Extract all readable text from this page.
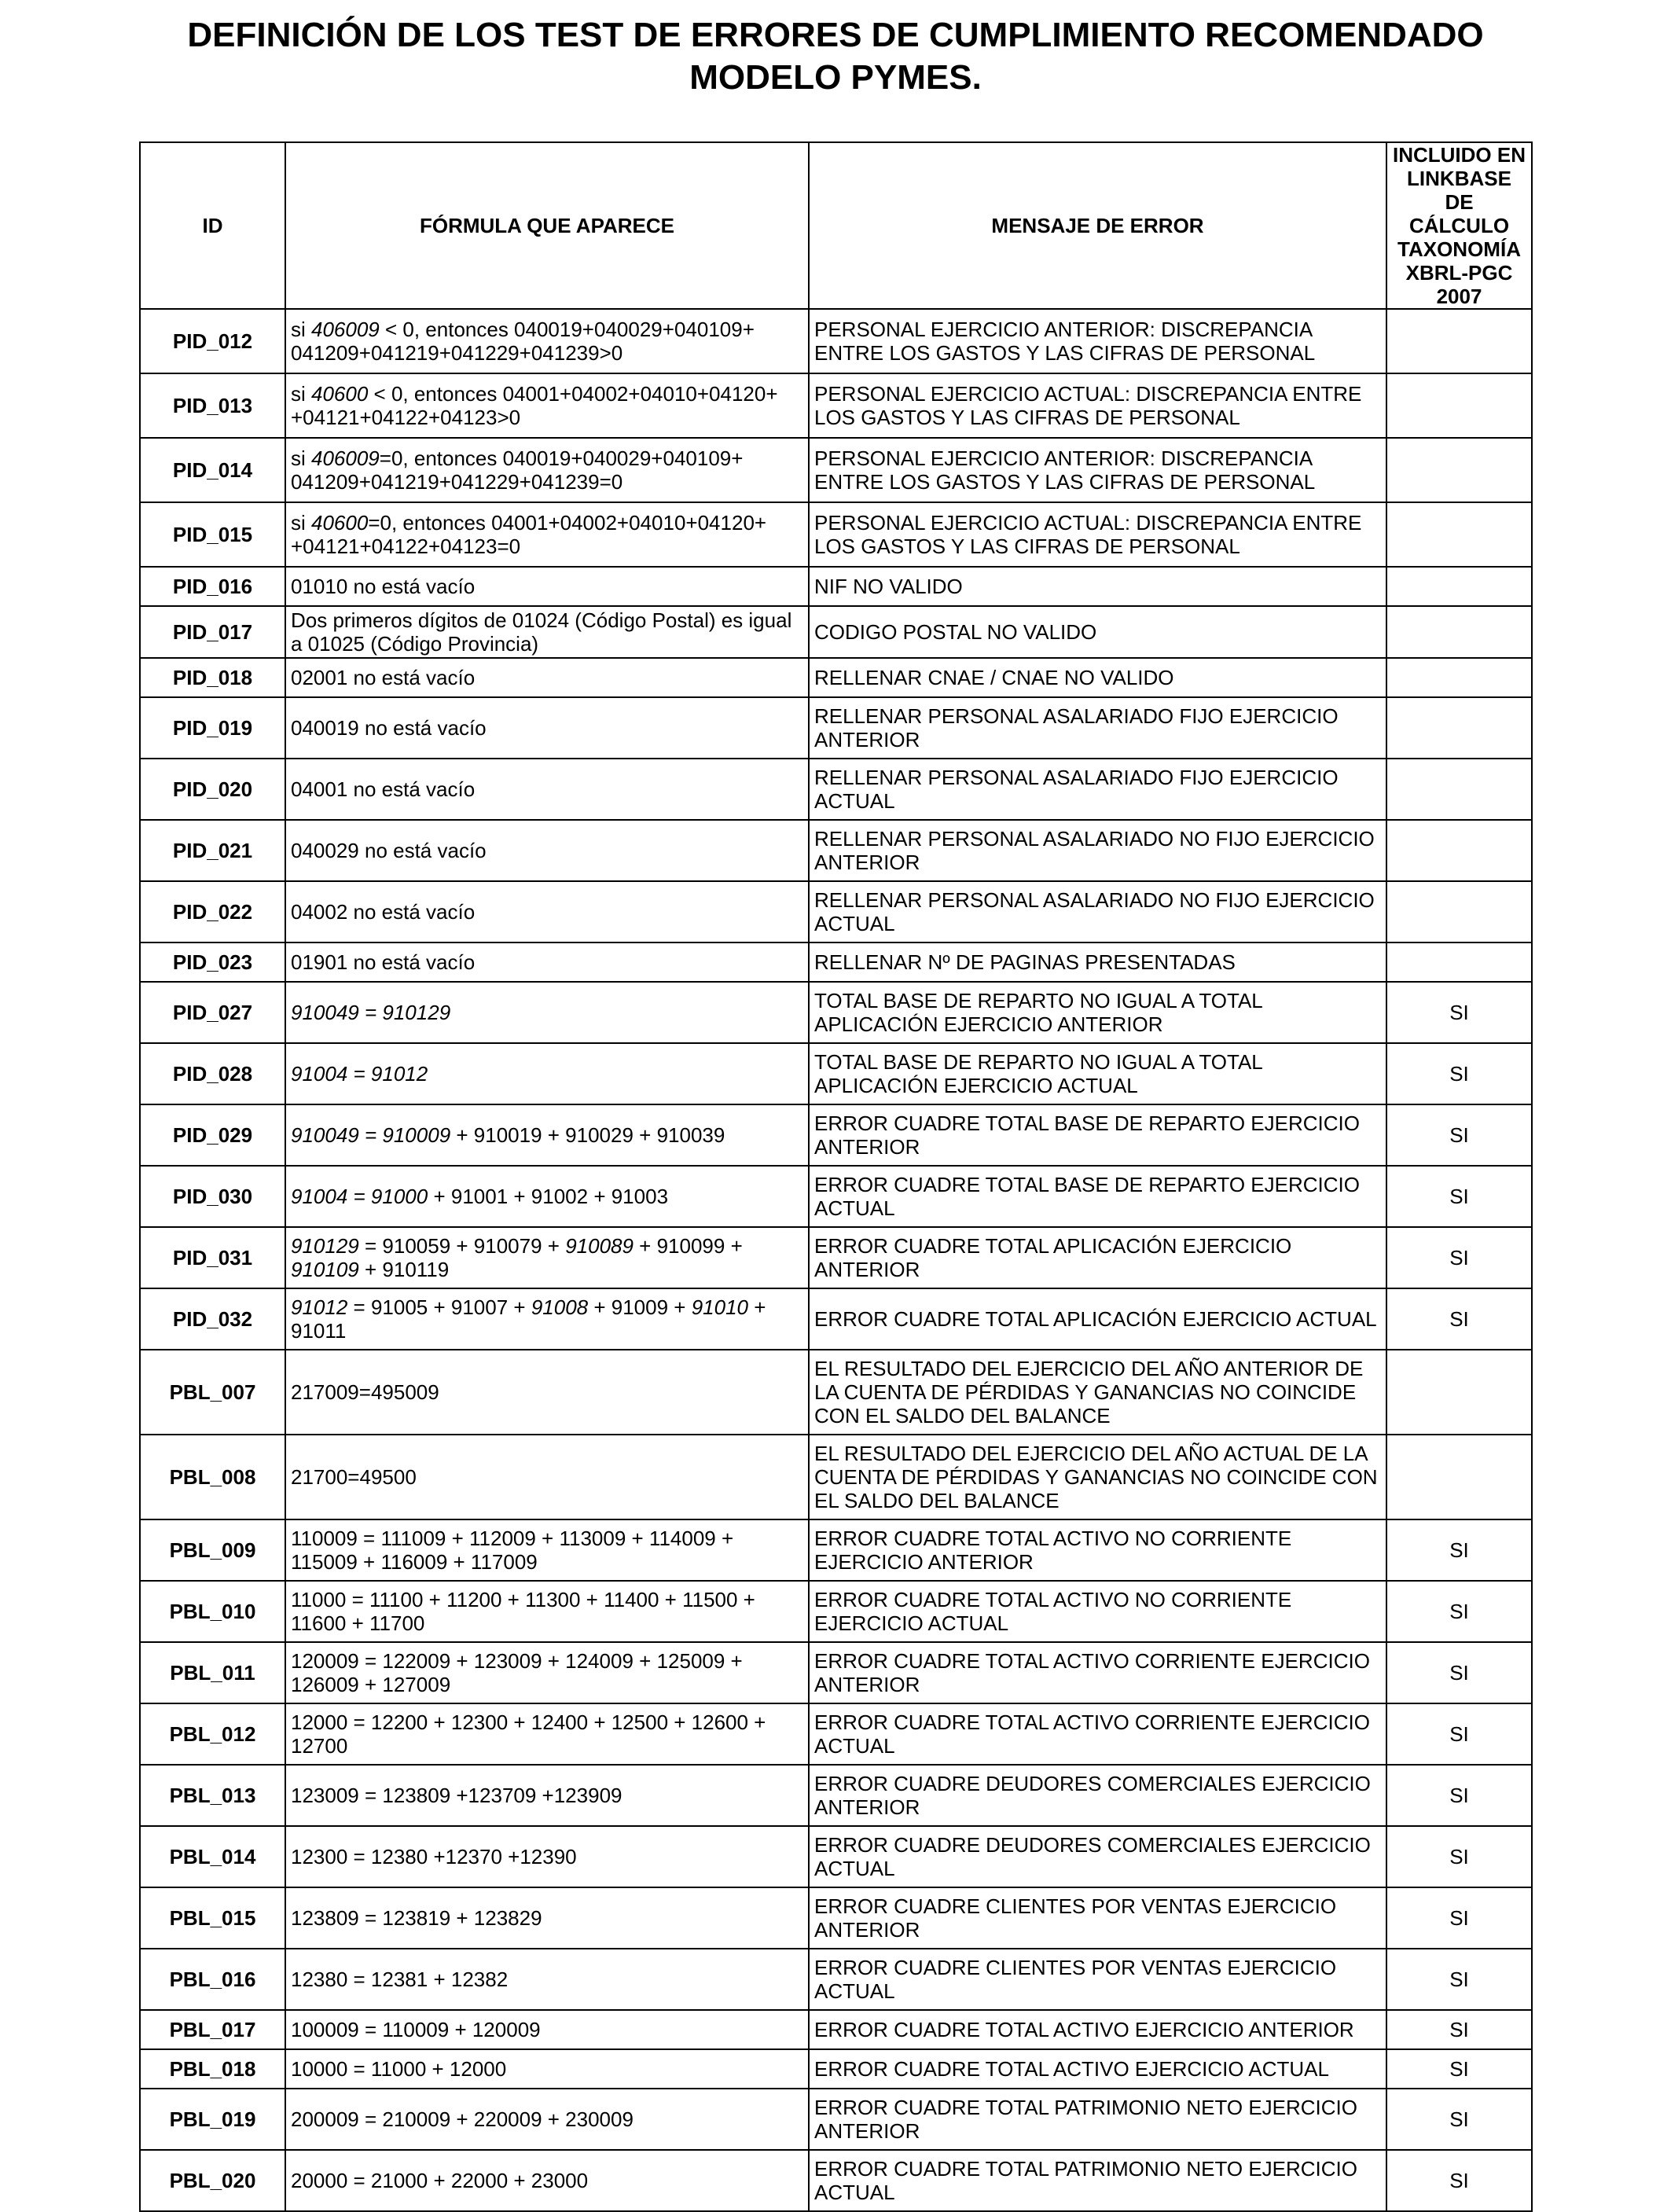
DEFINICIÓN DE LOS TEST DE ERRORES DE CUMPLIMIENTO RECOMENDADO
MODELO PYMES.
ID	FÓRMULA QUE APARECE	MENSAJE DE ERROR	INCLUIDO EN
LINKBASE DE
CÁLCULO
TAXONOMÍA
XBRL-PGC 2007

PID_012	si 406009 < 0, entonces 040019+040029+040109+ 041209+041219+041229+041239>0	PERSONAL EJERCICIO ANTERIOR: DISCREPANCIA ENTRE LOS GASTOS Y LAS CIFRAS DE PERSONAL	
PID_013	si 40600 < 0, entonces 04001+04002+04010+04120+ +04121+04122+04123>0	PERSONAL EJERCICIO ACTUAL: DISCREPANCIA ENTRE LOS GASTOS Y LAS CIFRAS DE PERSONAL	
PID_014	si 406009=0, entonces 040019+040029+040109+ 041209+041219+041229+041239=0	PERSONAL EJERCICIO ANTERIOR: DISCREPANCIA ENTRE LOS GASTOS Y LAS CIFRAS DE PERSONAL	
PID_015	si 40600=0, entonces 04001+04002+04010+04120+ +04121+04122+04123=0	PERSONAL EJERCICIO ACTUAL: DISCREPANCIA ENTRE LOS GASTOS Y LAS CIFRAS DE PERSONAL	
PID_016	01010 no está vacío	NIF NO VALIDO	
PID_017	Dos primeros dígitos de 01024 (Código Postal) es igual a 01025 (Código Provincia)	CODIGO POSTAL NO VALIDO	
PID_018	02001 no está vacío	RELLENAR CNAE / CNAE NO VALIDO	
PID_019	040019 no está vacío	RELLENAR PERSONAL ASALARIADO FIJO EJERCICIO ANTERIOR	
PID_020	04001 no está vacío	RELLENAR PERSONAL ASALARIADO FIJO EJERCICIO ACTUAL	
PID_021	040029 no está vacío	RELLENAR PERSONAL ASALARIADO NO FIJO EJERCICIO ANTERIOR	
PID_022	04002 no está vacío	RELLENAR PERSONAL ASALARIADO NO FIJO EJERCICIO ACTUAL	
PID_023	01901 no está vacío	RELLENAR Nº DE PAGINAS PRESENTADAS	
PID_027	910049 = 910129	TOTAL BASE DE REPARTO NO IGUAL A TOTAL APLICACIÓN EJERCICIO ANTERIOR	SI
PID_028	91004 = 91012	TOTAL BASE DE REPARTO NO IGUAL A TOTAL APLICACIÓN EJERCICIO ACTUAL	SI
PID_029	910049 = 910009 + 910019 + 910029 + 910039	ERROR CUADRE TOTAL BASE DE REPARTO EJERCICIO ANTERIOR	SI
PID_030	91004 = 91000 + 91001 + 91002 + 91003	ERROR CUADRE TOTAL BASE DE REPARTO EJERCICIO ACTUAL	SI
PID_031	910129 = 910059 + 910079 + 910089 + 910099 + 910109 + 910119	ERROR CUADRE TOTAL APLICACIÓN EJERCICIO ANTERIOR	SI
PID_032	91012 = 91005 + 91007 + 91008 + 91009 + 91010 + 91011	ERROR CUADRE TOTAL APLICACIÓN EJERCICIO ACTUAL	SI
PBL_007	217009=495009	EL RESULTADO DEL EJERCICIO DEL AÑO ANTERIOR DE LA CUENTA DE PÉRDIDAS Y GANANCIAS NO COINCIDE CON EL SALDO DEL BALANCE	
PBL_008	21700=49500	EL RESULTADO DEL EJERCICIO DEL AÑO ACTUAL DE LA CUENTA DE PÉRDIDAS Y GANANCIAS NO COINCIDE CON EL SALDO DEL BALANCE	
PBL_009	110009 = 111009 + 112009 + 113009 + 114009 + 115009 + 116009 + 117009	ERROR CUADRE TOTAL ACTIVO NO CORRIENTE EJERCICIO ANTERIOR	SI
PBL_010	11000 = 11100 + 11200 + 11300 + 11400 + 11500 + 11600 + 11700	ERROR CUADRE TOTAL ACTIVO NO CORRIENTE EJERCICIO ACTUAL	SI
PBL_011	120009 = 122009 + 123009 + 124009 + 125009 + 126009 + 127009	ERROR CUADRE TOTAL ACTIVO CORRIENTE EJERCICIO ANTERIOR	SI
PBL_012	12000 = 12200 + 12300 + 12400 + 12500 + 12600 + 12700	ERROR CUADRE TOTAL ACTIVO CORRIENTE EJERCICIO ACTUAL	SI
PBL_013	123009 = 123809 +123709 +123909	ERROR CUADRE DEUDORES COMERCIALES EJERCICIO ANTERIOR	SI
PBL_014	12300 = 12380 +12370 +12390	ERROR CUADRE DEUDORES COMERCIALES EJERCICIO ACTUAL	SI
PBL_015	123809 = 123819 + 123829	ERROR CUADRE CLIENTES POR VENTAS EJERCICIO ANTERIOR	SI
PBL_016	12380 = 12381 + 12382	ERROR CUADRE CLIENTES POR VENTAS EJERCICIO ACTUAL	SI
PBL_017	100009 = 110009 + 120009	ERROR CUADRE TOTAL ACTIVO EJERCICIO ANTERIOR	SI
PBL_018	10000 = 11000 + 12000	ERROR CUADRE TOTAL ACTIVO EJERCICIO ACTUAL	SI
PBL_019	200009 = 210009 + 220009 + 230009	ERROR CUADRE TOTAL PATRIMONIO NETO EJERCICIO ANTERIOR	SI
PBL_020	20000 = 21000 + 22000 + 23000	ERROR CUADRE TOTAL PATRIMONIO NETO EJERCICIO ACTUAL	SI
